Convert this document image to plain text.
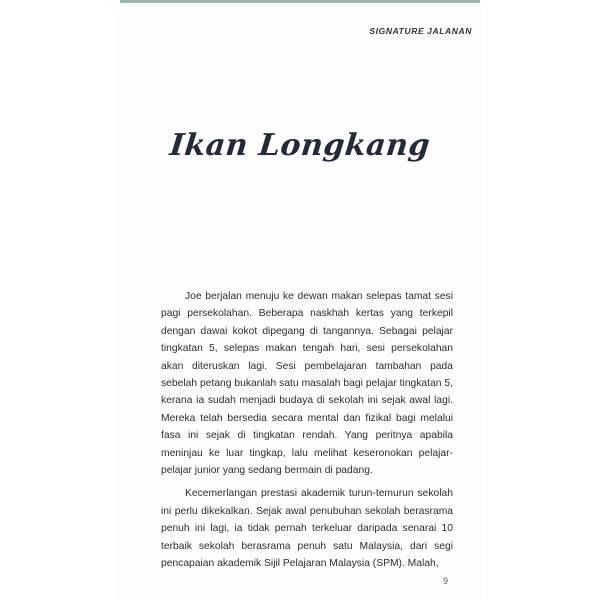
SIGNATURE JALANAN
Ikan Longkang

Joe berjalan menuju ke dewan makan selepas tamat sesi pagi persekolahan. Beberapa naskhah kertas yang terkepil dengan dawai kokot dipegang di tangannya. Sebagai pelajar tingkatan 5, selepas makan tengah hari, sesi persekolahan akan diteruskan lagi. Sesi pembelajaran tambahan pada sebelah petang bukanlah satu masalah bagi pelajar tingkatan 5, kerana ia sudah menjadi budaya di sekolah ini sejak awal lagi. Mereka telah bersedia secara mental dan fizikal bagi melalui fasa ini sejak di tingkatan rendah. Yang peritnya apabila meninjau ke luar tingkap, lalu melihat keseronokan pelajar-pelajar junior yang sedang bermain di padang.

Kecemerlangan prestasi akademik turun-temurun sekolah ini perlu dikekalkan. Sejak awal penubuhan sekolah berasrama penuh ini lagi, ia tidak pernah terkeluar daripada senarai 10 terbaik sekolah berasrama penuh satu Malaysia, dari segi pencapaian akademik Sijil Pelajaran Malaysia (SPM). Malah,

9
